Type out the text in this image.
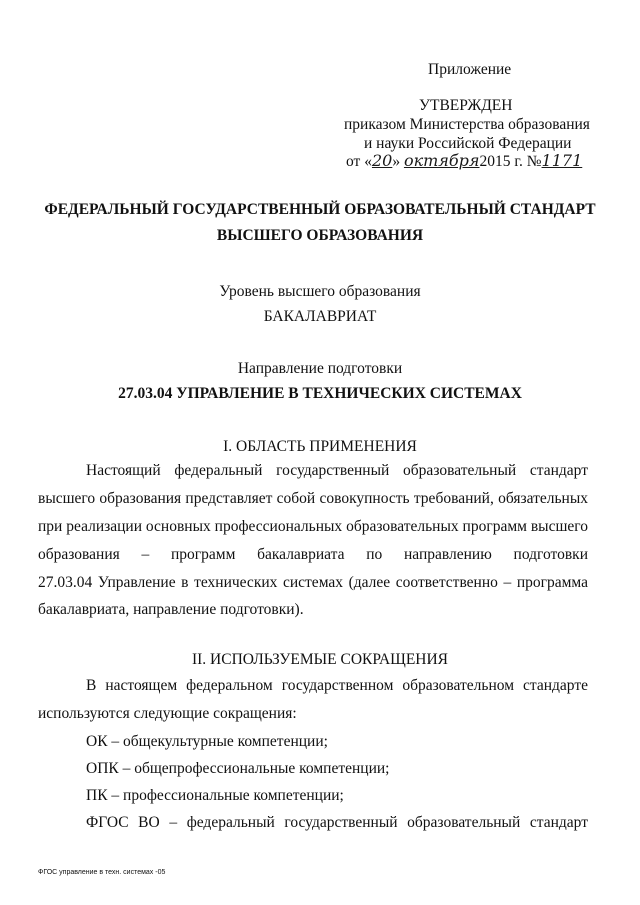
Приложение
УТВЕРЖДЕН
приказом Министерства образования
и науки Российской Федерации
от «20» октября2015 г. №1171
ФЕДЕРАЛЬНЫЙ ГОСУДАРСТВЕННЫЙ ОБРАЗОВАТЕЛЬНЫЙ СТАНДАРТ
ВЫСШЕГО ОБРАЗОВАНИЯ
Уровень высшего образования
БАКАЛАВРИАТ
Направление подготовки
27.03.04 УПРАВЛЕНИЕ В ТЕХНИЧЕСКИХ СИСТЕМАХ
I. ОБЛАСТЬ ПРИМЕНЕНИЯ
Настоящий федеральный государственный образовательный стандарт
высшего образования представляет собой совокупность требований, обязательных
при реализации основных профессиональных образовательных программ высшего
образования – программ бакалавриата по направлению подготовки
27.03.04 Управление в технических системах (далее соответственно – программа
бакалавриата, направление подготовки).
II. ИСПОЛЬЗУЕМЫЕ СОКРАЩЕНИЯ
В настоящем федеральном государственном образовательном стандарте
используются следующие сокращения:
ОК – общекультурные компетенции;
ОПК – общепрофессиональные компетенции;
ПК – профессиональные компетенции;
ФГОС ВО – федеральный государственный образовательный стандарт
ФГОС управление в техн. системах -05
